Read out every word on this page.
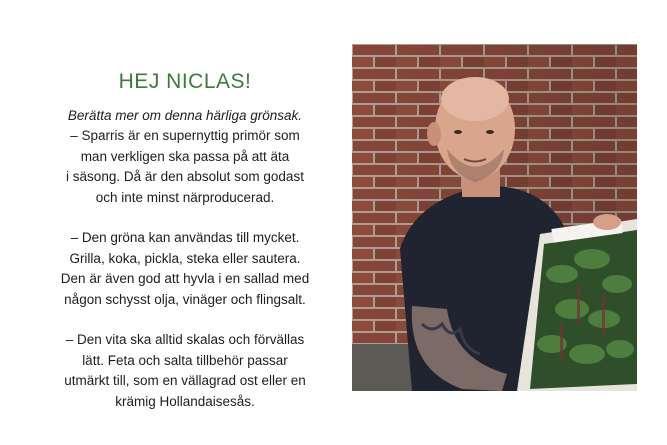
HEJ NICLAS!

Berätta mer om denna härliga grönsak.

– Sparris är en supernyttig primör som
man verkligen ska passa på att äta
i säsong. Då är den absolut som godast
och inte minst närproducerad.

– Den gröna kan användas till mycket.
Grilla, koka, pickla, steka eller sautera.
Den är även god att hyvla i en sallad med
någon schysst olja, vinäger och flingsalt.

– Den vita ska alltid skalas och förvällas
lätt. Feta och salta tillbehör passar
utmärkt till, som en vällagrad ost eller en
krämig Hollandaisesås.
